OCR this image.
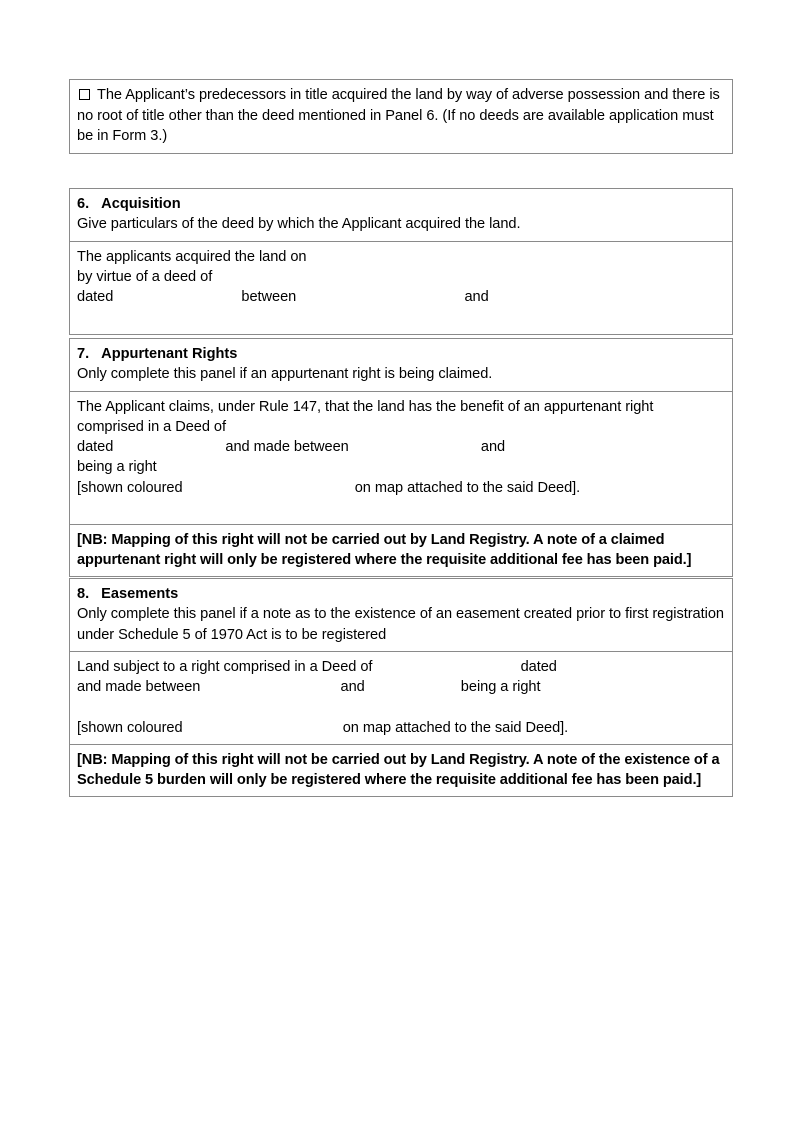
The Applicant’s predecessors in title acquired the land by way of adverse possession and there is no root of title other than the deed mentioned in Panel 6. (If no deeds are available application must be in Form 3.)
6. Acquisition
Give particulars of the deed by which the Applicant acquired the land.
The applicants acquired the land on
by virtue of a deed of
dated                                between                                          and
7. Appurtenant Rights
Only complete this panel if an appurtenant right is being claimed.
The Applicant claims, under Rule 147, that the land has the benefit of an appurtenant right
comprised in a Deed of
dated                            and made between                                 and
being a right
[shown coloured                                           on map attached to the said Deed].
[NB: Mapping of this right will not be carried out by Land Registry. A note of a claimed appurtenant right will only be registered where the requisite additional fee has been paid.]
8. Easements
Only complete this panel if a note as to the existence of an easement created prior to first registration under Schedule 5 of 1970 Act is to be registered
Land subject to a right comprised in a Deed of                                     dated
and made between                                   and                        being a right
[shown coloured                                        on map attached to the said Deed].
[NB: Mapping of this right will not be carried out by Land Registry. A note of the existence of a Schedule 5 burden will only be registered where the requisite additional fee has been paid.]
